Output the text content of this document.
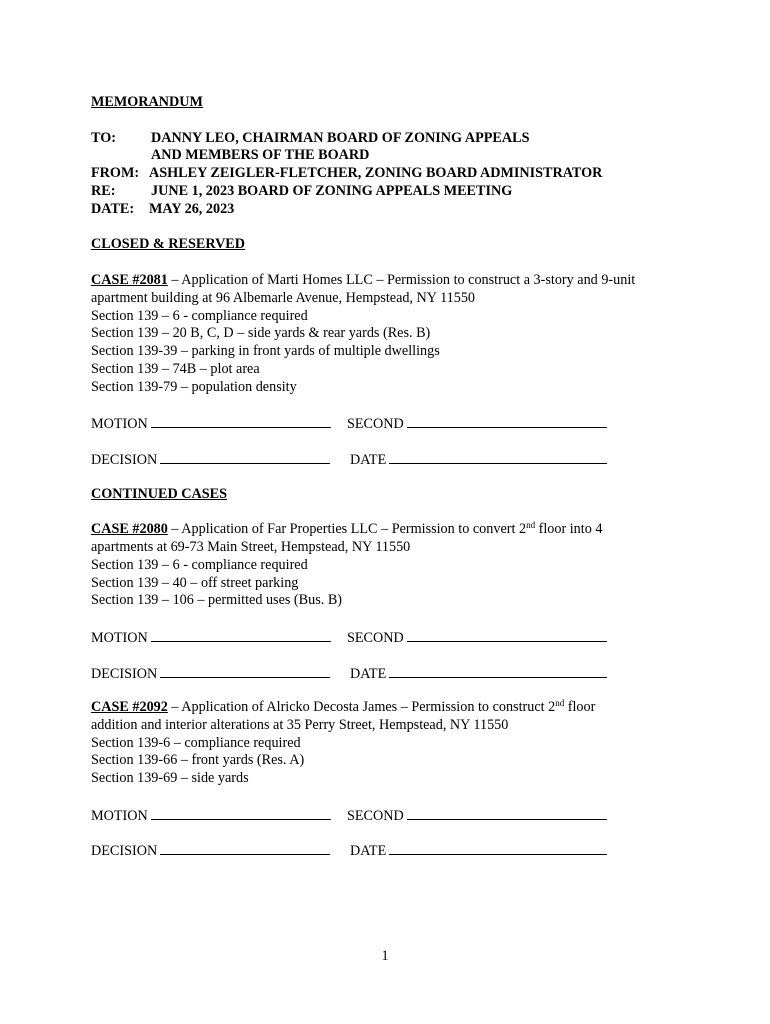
MEMORANDUM
TO:	DANNY LEO, CHAIRMAN BOARD OF ZONING APPEALS
AND MEMBERS OF THE BOARD
FROM: ASHLEY ZEIGLER-FLETCHER, ZONING BOARD ADMINISTRATOR
RE:	JUNE 1, 2023 BOARD OF ZONING APPEALS MEETING
DATE:	MAY 26, 2023
CLOSED & RESERVED
CASE #2081 – Application of Marti Homes LLC – Permission to construct a 3-story and 9-unit
apartment building at 96 Albemarle Avenue, Hempstead, NY 11550
Section 139 – 6 - compliance required
Section 139 – 20 B, C, D – side yards & rear yards (Res. B)
Section 139-39 – parking in front yards of multiple dwellings
Section 139 – 74B – plot area
Section 139-79 – population density
MOTION	SECOND
DECISION	DATE
CONTINUED CASES
CASE #2080 – Application of Far Properties LLC – Permission to convert 2nd floor into 4
apartments at 69-73 Main Street, Hempstead, NY 11550
Section 139 – 6 - compliance required
Section 139 – 40 – off street parking
Section 139 – 106 – permitted uses (Bus. B)
MOTION	SECOND
DECISION	DATE
CASE #2092 – Application of Alricko Decosta James – Permission to construct 2nd floor
addition and interior alterations at 35 Perry Street, Hempstead, NY 11550
Section 139-6 – compliance required
Section 139-66 – front yards (Res. A)
Section 139-69 – side yards
MOTION	SECOND
DECISION	DATE
1
